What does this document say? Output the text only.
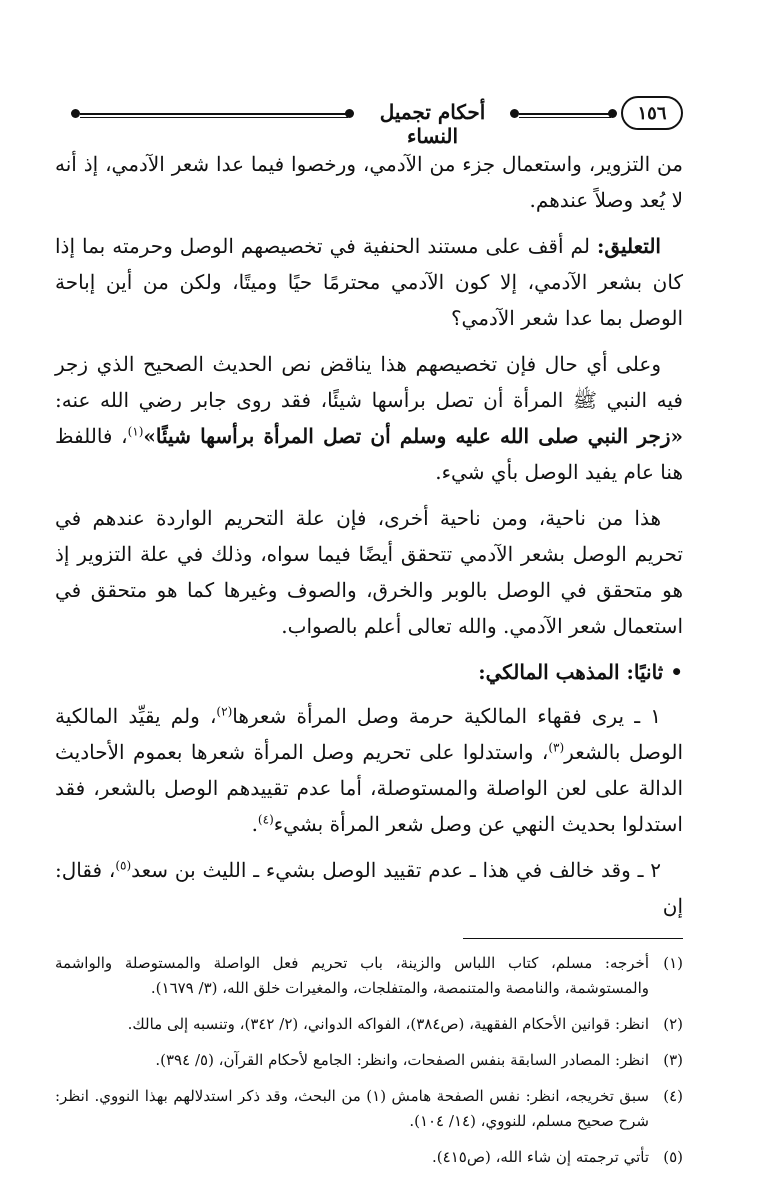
١٥٦
أحكام تجميل النساء

من التزوير، واستعمال جزء من الآدمي، ورخصوا فيما عدا شعر الآدمي، إذ أنه لا يُعد وصلاً عندهم.

التعليق: لم أقف على مستند الحنفية في تخصيصهم الوصل وحرمته بما إذا كان بشعر الآدمي، إلا كون الآدمي محترمًا حيًا وميتًا، ولكن من أين إباحة الوصل بما عدا شعر الآدمي؟

وعلى أي حال فإن تخصيصهم هذا يناقض نص الحديث الصحيح الذي زجر فيه النبي ﷺ المرأة أن تصل برأسها شيئًا، فقد روى جابر رضي الله عنه: «زجر النبي صلى الله عليه وسلم أن تصل المرأة برأسها شيئًا»$^{(١)}$، فاللفظ هنا عام يفيد الوصل بأي شيء.

هذا من ناحية، ومن ناحية أخرى، فإن علة التحريم الواردة عندهم في تحريم الوصل بشعر الآدمي تتحقق أيضًا فيما سواه، وذلك في علة التزوير إذ هو متحقق في الوصل بالوبر والخرق، والصوف وغيرها كما هو متحقق في استعمال شعر الآدمي. والله تعالى أعلم بالصواب.

• ثانيًا: المذهب المالكي:

١ ـ يرى فقهاء المالكية حرمة وصل المرأة شعرها$^{(٢)}$، ولم يقيِّد المالكية الوصل بالشعر$^{(٣)}$، واستدلوا على تحريم وصل المرأة شعرها بعموم الأحاديث الدالة على لعن الواصلة والمستوصلة، أما عدم تقييدهم الوصل بالشعر، فقد استدلوا بحديث النهي عن وصل شعر المرأة بشيء$^{(٤)}$.

٢ ـ وقد خالف في هذا ـ عدم تقييد الوصل بشيء ـ الليث بن سعد$^{(٥)}$، فقال: إن

(١)
أخرجه: مسلم، كتاب اللباس والزينة، باب تحريم فعل الواصلة والمستوصلة والواشمة والمستوشمة، والنامصة والمتنمصة، والمتفلجات، والمغيرات خلق الله، (٣/ ١٦٧٩).
(٢)
انظر: قوانين الأحكام الفقهية، (ص٣٨٤)، الفواكه الدواني، (٢/ ٣٤٢)، وتنسبه إلى مالك.
(٣)
انظر: المصادر السابقة بنفس الصفحات، وانظر: الجامع لأحكام القرآن، (٥/ ٣٩٤).
(٤)
سبق تخريجه، انظر: نفس الصفحة هامش (١) من البحث، وقد ذكر استدلالهم بهذا النووي. انظر: شرح صحيح مسلم، للنووي، (١٤/ ١٠٤).
(٥)
تأتي ترجمته إن شاء الله، (ص٤١٥).
